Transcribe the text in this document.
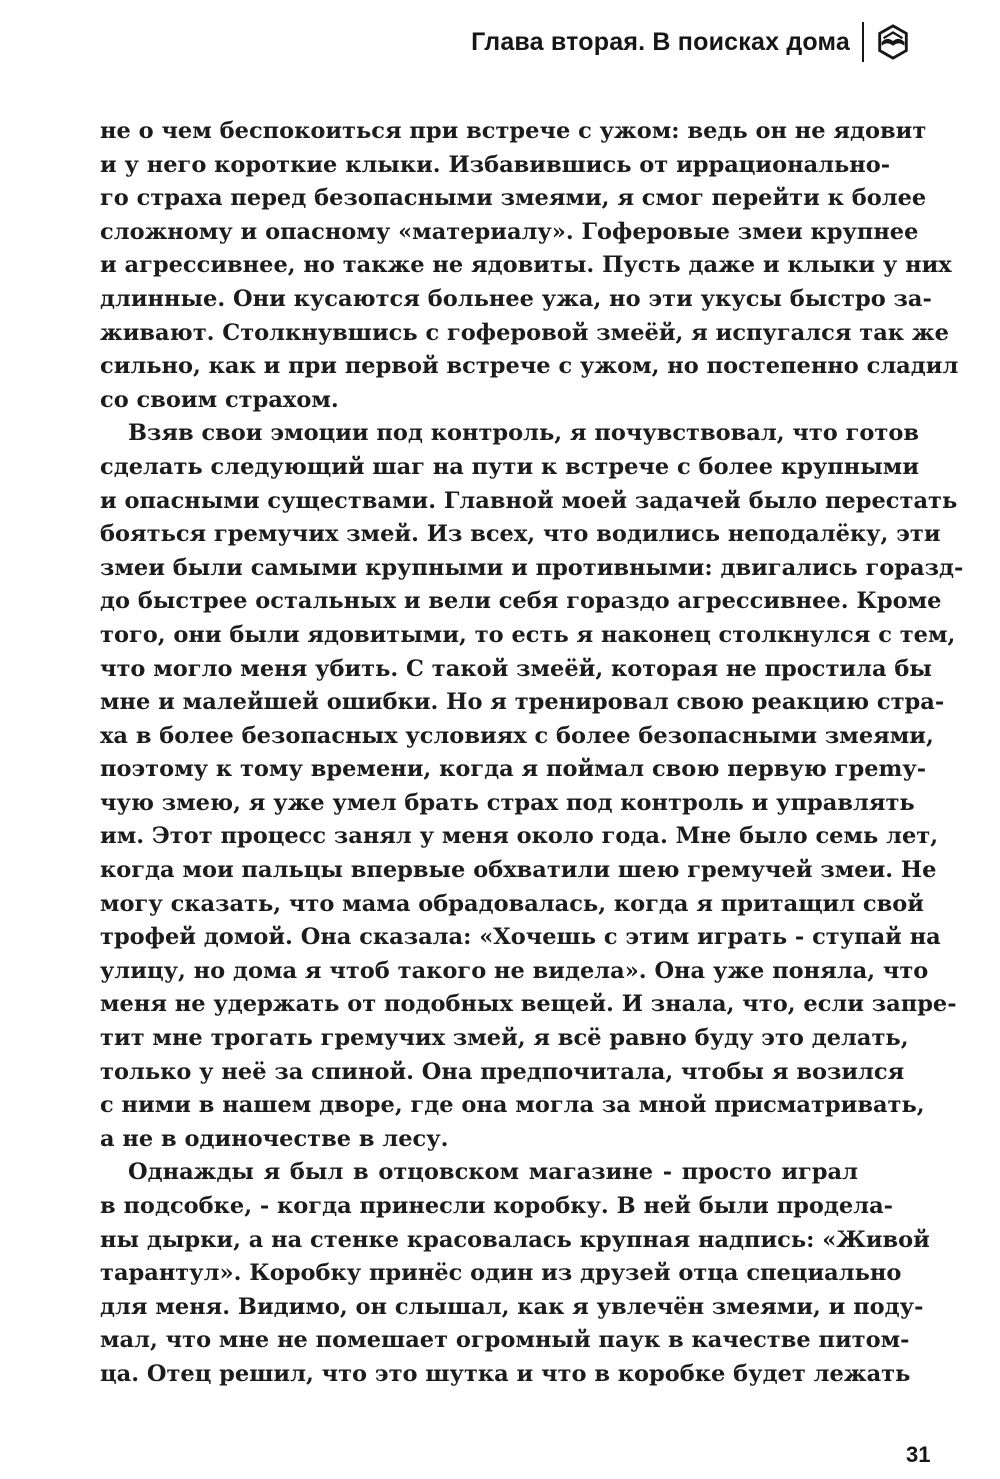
Глава вторая. В поисках дома
не о чем беспокоиться при встрече с ужом: ведь он не ядовит
и у него короткие клыки. Избавившись от иррационально-
го страха перед безопасными змеями, я смог перейти к более
сложному и опасному «материалу». Гоферовые змеи крупнее
и агрессивнее, но также не ядовиты. Пусть даже и клыки у них
длинные. Они кусаются больнее ужа, но эти укусы быстро за-
живают. Столкнувшись с гоферовой змеёй, я испугался так же
сильно, как и при первой встрече с ужом, но постепенно сладил
со своим страхом.
Взяв свои эмоции под контроль, я почувствовал, что готов
сделать следующий шаг на пути к встрече с более крупными
и опасными существами. Главной моей задачей было перестать
бояться гремучих змей. Из всех, что водились неподалёку, эти
змеи были самыми крупными и противными: двигались горазд-
до быстрее остальных и вели себя гораздо агрессивнее. Кроме
того, они были ядовитыми, то есть я наконец столкнулся с тем,
что могло меня убить. С такой змеёй, которая не простила бы
мне и малейшей ошибки. Но я тренировал свою реакцию стра-
ха в более безопасных условиях с более безопасными змеями,
поэтому к тому времени, когда я поймал свою первую греmу-
чую змею, я уже умел брать страх под контроль и управлять
им. Этот процесс занял у меня около года. Мне было семь лет,
когда мои пальцы впервые обхватили шею гремучей змеи. Не
могу сказать, что мама обрадовалась, когда я притащил свой
трофей домой. Она сказала: «Хочешь с этим играть - ступай на
улицу, но дома я чтоб такого не видела». Она уже поняла, что
меня не удержать от подобных вещей. И знала, что, если запре-
тит мне трогать гремучих змей, я всё равно буду это делать,
только у неё за спиной. Она предпочитала, чтобы я возился
с ними в нашем дворе, где она могла за мной присматривать,
а не в одиночестве в лесу.
Однажды я был в отцовском магазине - просто играл
в подсобке, - когда принесли коробку. В ней были продела-
ны дырки, а на стенке красовалась крупная надпись: «Живой
тарантул». Коробку принёс один из друзей отца специально
для меня. Видимо, он слышал, как я увлечён змеями, и поду-
мал, что мне не помешает огромный паук в качестве питом-
ца. Отец решил, что это шутка и что в коробке будет лежать
31
